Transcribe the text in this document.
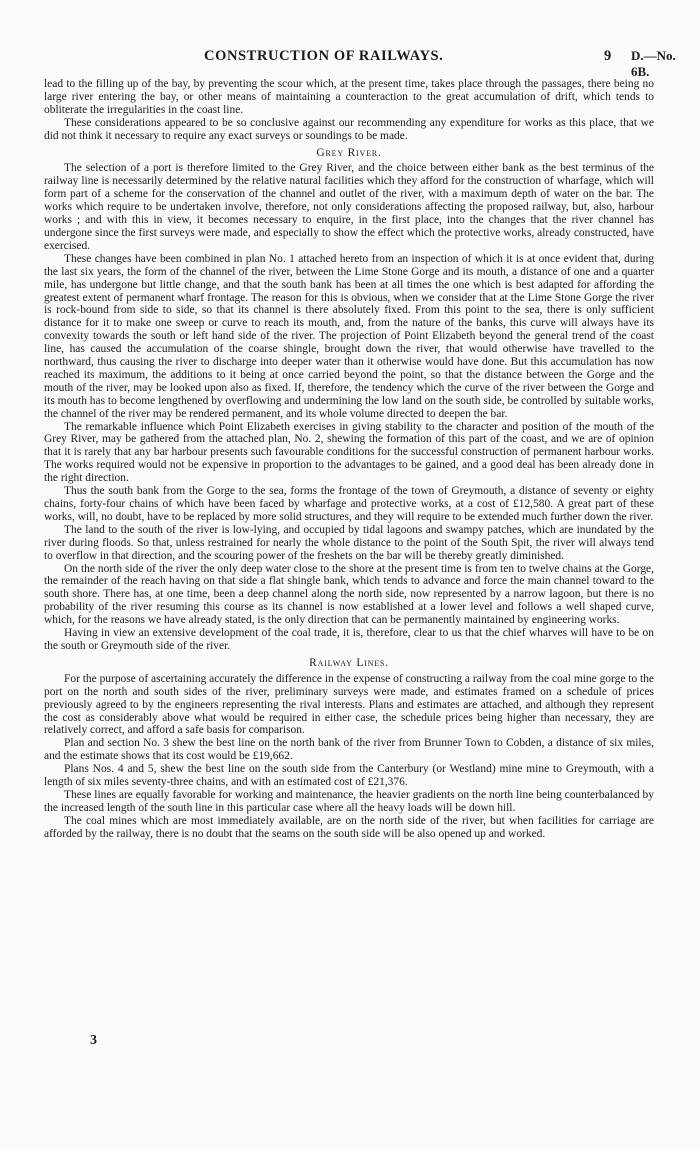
CONSTRUCTION OF RAILWAYS.	9 D.—No. 6B.

lead to the filling up of the bay, by preventing the scour which, at the present time, takes place through the passages, there being no large river entering the bay, or other means of maintaining a counteraction to the great accumulation of drift, which tends to obliterate the irregularities in the coast line.

These considerations appeared to be so conclusive against our recommending any expenditure for works as this place, that we did not think it necessary to require any exact surveys or soundings to be made.

Grey River.

The selection of a port is therefore limited to the Grey River, and the choice between either bank as the best terminus of the railway line is necessarily determined by the relative natural facilities which they afford for the construction of wharfage, which will form part of a scheme for the conservation of the channel and outlet of the river, with a maximum depth of water on the bar. The works which require to be undertaken involve, therefore, not only considerations affecting the proposed railway, but, also, harbour works ; and with this in view, it becomes necessary to enquire, in the first place, into the changes that the river channel has undergone since the first surveys were made, and especially to show the effect which the protective works, already constructed, have exercised.

These changes have been combined in plan No. 1 attached hereto from an inspection of which it is at once evident that, during the last six years, the form of the channel of the river, between the Lime Stone Gorge and its mouth, a distance of one and a quarter mile, has undergone but little change, and that the south bank has been at all times the one which is best adapted for affording the greatest extent of permanent wharf frontage. The reason for this is obvious, when we consider that at the Lime Stone Gorge the river is rock-bound from side to side, so that its channel is there absolutely fixed. From this point to the sea, there is only sufficient distance for it to make one sweep or curve to reach its mouth, and, from the nature of the banks, this curve will always have its convexity towards the south or left hand side of the river. The projection of Point Elizabeth beyond the general trend of the coast line, has caused the accumulation of the coarse shingle, brought down the river, that would otherwise have travelled to the northward, thus causing the river to discharge into deeper water than it otherwise would have done. But this accumulation has now reached its maximum, the additions to it being at once carried beyond the point, so that the distance between the Gorge and the mouth of the river, may be looked upon also as fixed. If, therefore, the tendency which the curve of the river between the Gorge and its mouth has to become lengthened by overflowing and undermining the low land on the south side, be controlled by suitable works, the channel of the river may be rendered permanent, and its whole volume directed to deepen the bar.

The remarkable influence which Point Elizabeth exercises in giving stability to the character and position of the mouth of the Grey River, may be gathered from the attached plan, No. 2, shewing the formation of this part of the coast, and we are of opinion that it is rarely that any bar harbour presents such favourable conditions for the successful construction of permanent harbour works. The works required would not be expensive in proportion to the advantages to be gained, and a good deal has been already done in the right direction.

Thus the south bank from the Gorge to the sea, forms the frontage of the town of Greymouth, a distance of seventy or eighty chains, forty-four chains of which have been faced by wharfage and protective works, at a cost of £12,580. A great part of these works, will, no doubt, have to be replaced by more solid structures, and they will require to be extended much further down the river.

The land to the south of the river is low-lying, and occupied by tidal lagoons and swampy patches, which are inundated by the river during floods. So that, unless restrained for nearly the whole distance to the point of the South Spit, the river will always tend to overflow in that direction, and the scouring power of the freshets on the bar will be thereby greatly diminished.

On the north side of the river the only deep water close to the shore at the present time is from ten to twelve chains at the Gorge, the remainder of the reach having on that side a flat shingle bank, which tends to advance and force the main channel toward to the south shore. There has, at one time, been a deep channel along the north side, now represented by a narrow lagoon, but there is no probability of the river resuming this course as its channel is now established at a lower level and follows a well shaped curve, which, for the reasons we have already stated, is the only direction that can be permanently maintained by engineering works.

Having in view an extensive development of the coal trade, it is, therefore, clear to us that the chief wharves will have to be on the south or Greymouth side of the river.

Railway Lines.

For the purpose of ascertaining accurately the difference in the expense of constructing a railway from the coal mine gorge to the port on the north and south sides of the river, preliminary surveys were made, and estimates framed on a schedule of prices previously agreed to by the engineers representing the rival interests. Plans and estimates are attached, and although they represent the cost as considerably above what would be required in either case, the schedule prices being higher than necessary, they are relatively correct, and afford a safe basis for comparison.

Plan and section No. 3 shew the best line on the north bank of the river from Brunner Town to Cobden, a distance of six miles, and the estimate shows that its cost would be £19,662.

Plans Nos. 4 and 5, shew the best line on the south side from the Canterbury (or Westland) mine mine to Greymouth, with a length of six miles seventy-three chains, and with an estimated cost of £21,376.

These lines are equally favorable for working and maintenance, the heavier gradients on the north line being counterbalanced by the increased length of the south line in this particular case where all the heavy loads will be down hill.

The coal mines which are most immediately available, are on the north side of the river, but when facilities for carriage are afforded by the railway, there is no doubt that the seams on the south side will be also opened up and worked.

3
